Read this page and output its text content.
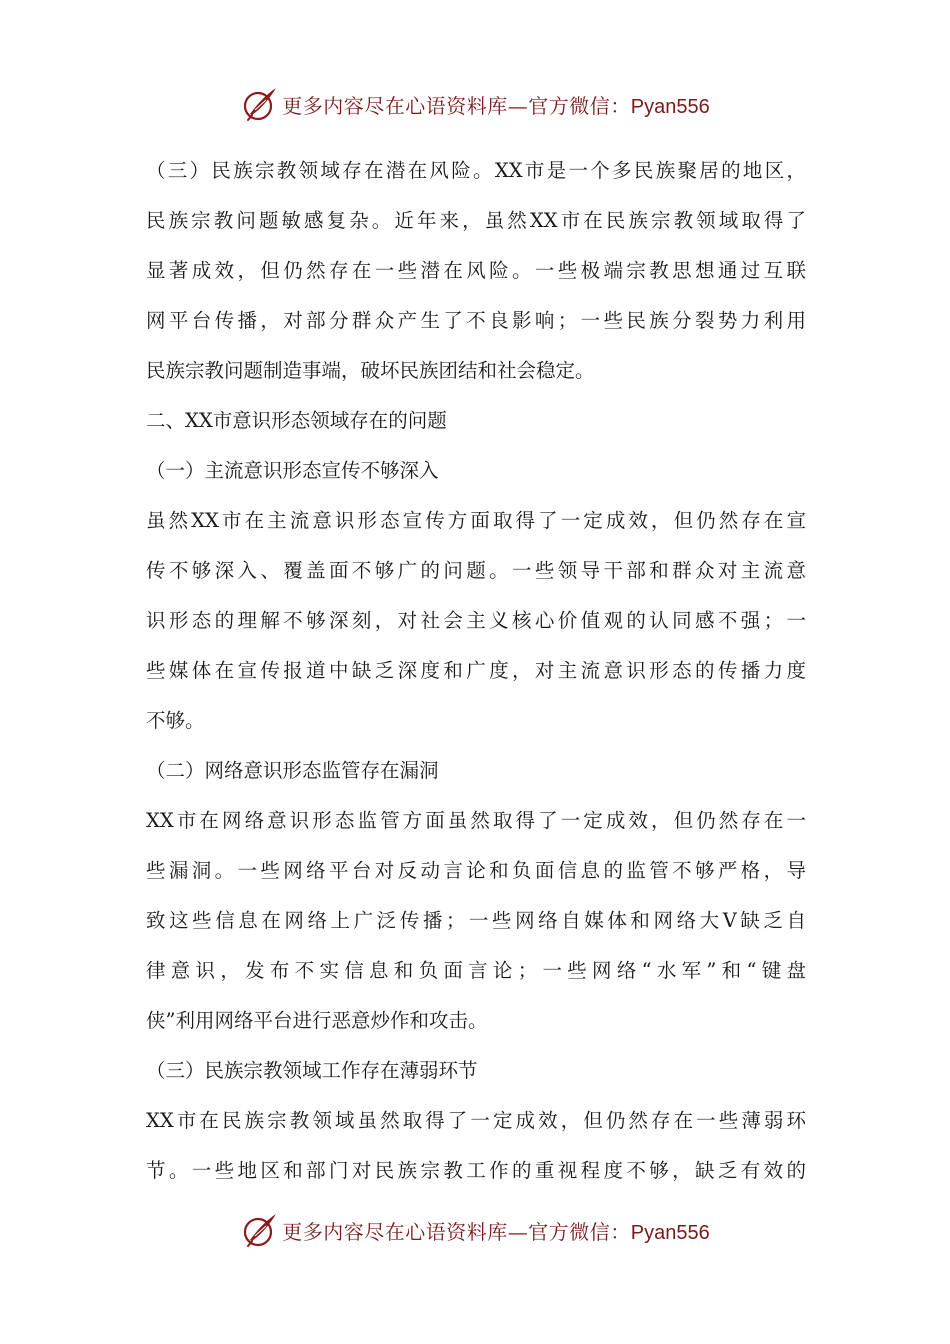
更多内容尽在心语资料库—官方微信：Pyan556
（三）民族宗教领域存在潜在风险。XX市是一个多民族聚居的地区，
民族宗教问题敏感复杂。近年来，虽然XX市在民族宗教领域取得了
显著成效，但仍然存在一些潜在风险。一些极端宗教思想通过互联
网平台传播，对部分群众产生了不良影响；一些民族分裂势力利用
民族宗教问题制造事端，破坏民族团结和社会稳定。
二、XX市意识形态领域存在的问题
（一）主流意识形态宣传不够深入
虽然XX市在主流意识形态宣传方面取得了一定成效，但仍然存在宣
传不够深入、覆盖面不够广的问题。一些领导干部和群众对主流意
识形态的理解不够深刻，对社会主义核心价值观的认同感不强；一
些媒体在宣传报道中缺乏深度和广度，对主流意识形态的传播力度
不够。
（二）网络意识形态监管存在漏洞
XX市在网络意识形态监管方面虽然取得了一定成效，但仍然存在一
些漏洞。一些网络平台对反动言论和负面信息的监管不够严格，导
致这些信息在网络上广泛传播；一些网络自媒体和网络大V缺乏自
律意识，发布不实信息和负面言论；一些网络“水军”和“键盘
侠”利用网络平台进行恶意炒作和攻击。
（三）民族宗教领域工作存在薄弱环节
XX市在民族宗教领域虽然取得了一定成效，但仍然存在一些薄弱环
节。一些地区和部门对民族宗教工作的重视程度不够，缺乏有效的
更多内容尽在心语资料库—官方微信：Pyan556
